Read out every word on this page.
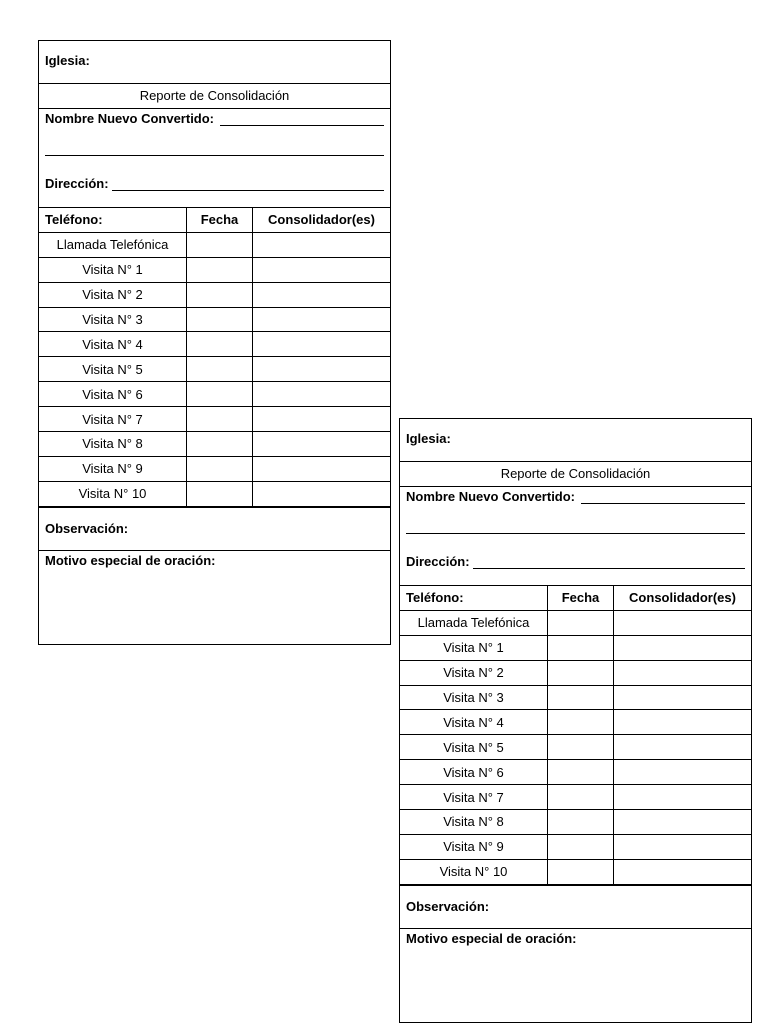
Iglesia:
Reporte de Consolidación
Nombre Nuevo Convertido:
Dirección:
Teléfono:	Fecha	Consolidador(es)
Llamada Telefónica		
Visita N° 1		
Visita N° 2		
Visita N° 3		
Visita N° 4		
Visita N° 5		
Visita N° 6		
Visita N° 7		
Visita N° 8		
Visita N° 9		
Visita N° 10		
Observación:
Motivo especial de oración:
Iglesia:
Reporte de Consolidación
Nombre Nuevo Convertido:
Dirección:
Teléfono:	Fecha	Consolidador(es)
Llamada Telefónica		
Visita N° 1		
Visita N° 2		
Visita N° 3		
Visita N° 4		
Visita N° 5		
Visita N° 6		
Visita N° 7		
Visita N° 8		
Visita N° 9		
Visita N° 10		
Observación:
Motivo especial de oración:
